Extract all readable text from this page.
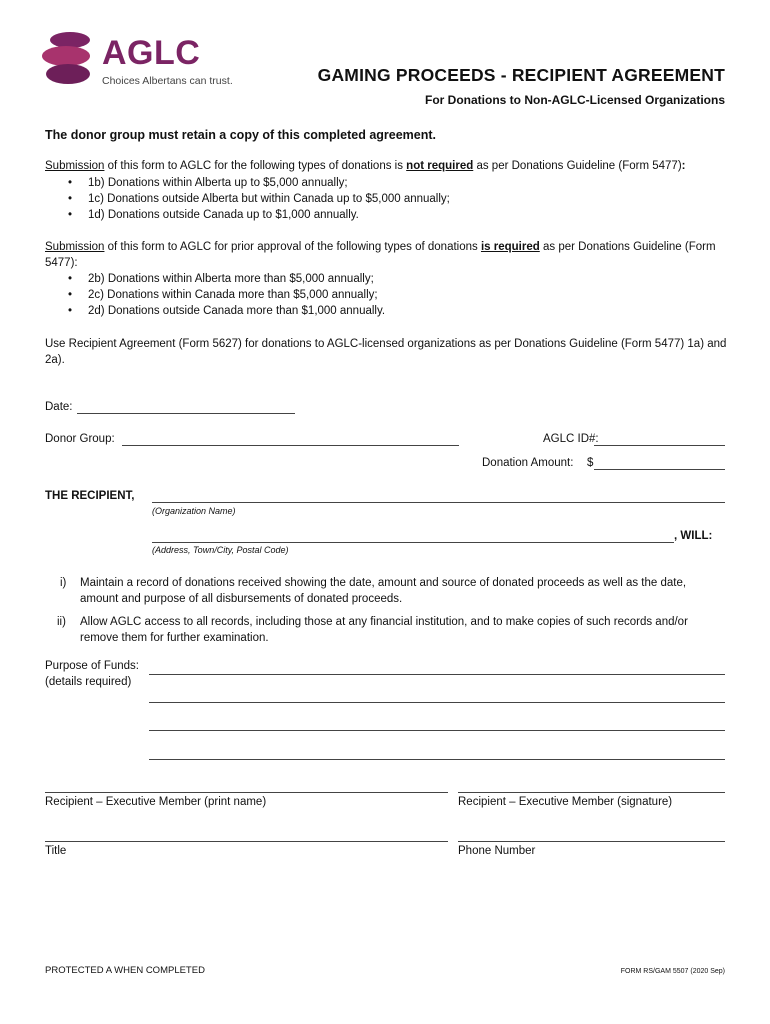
AGLC
Choices Albertans can trust.	GAMING PROCEEDS - RECIPIENT AGREEMENT
For Donations to Non-AGLC-Licensed Organizations
The donor group must retain a copy of this completed agreement.
Submission of this form to AGLC for the following types of donations is not required as per Donations Guideline (Form 5477):
• 1b) Donations within Alberta up to $5,000 annually;
• 1c) Donations outside Alberta but within Canada up to $5,000 annually;
• 1d) Donations outside Canada up to $1,000 annually.
Submission of this form to AGLC for prior approval of the following types of donations is required as per Donations Guideline (Form
5477):
• 2b) Donations within Alberta more than $5,000 annually;
• 2c) Donations within Canada more than $5,000 annually;
• 2d) Donations outside Canada more than $1,000 annually.
Use Recipient Agreement (Form 5627) for donations to AGLC-licensed organizations as per Donations Guideline (Form 5477) 1a) and
2a).
Date:
Donor Group:	AGLC ID#:
Donation Amount: $
THE RECIPIENT,
(Organization Name)
, WILL:
(Address, Town/City, Postal Code)
i) Maintain a record of donations received showing the date, amount and source of donated proceeds as well as the date,
amount and purpose of all disbursements of donated proceeds.
ii) Allow AGLC access to all records, including those at any financial institution, and to make copies of such records and/or
remove them for further examination.
Purpose of Funds:
(details required)
Recipient – Executive Member (print name)	Recipient – Executive Member (signature)
Title	Phone Number
PROTECTED A WHEN COMPLETED	FORM RS/GAM 5507 (2020 Sep)
